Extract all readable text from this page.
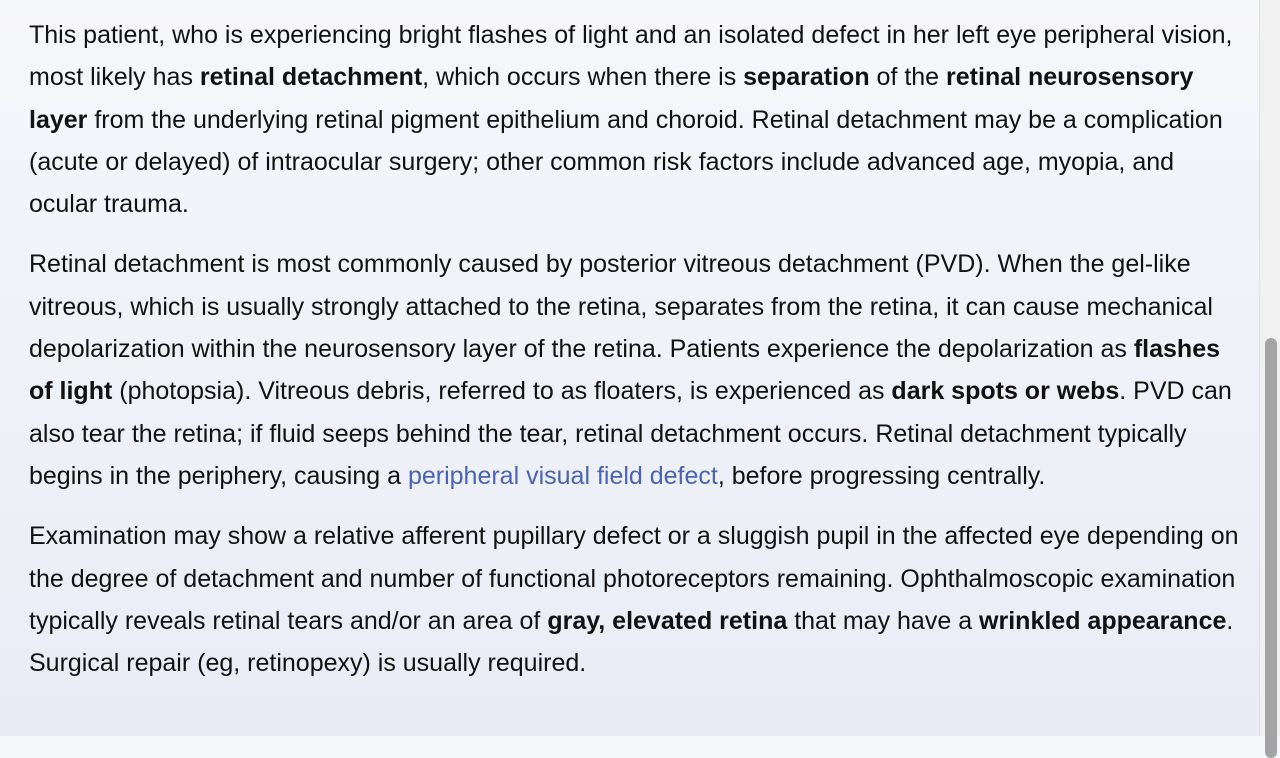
This patient, who is experiencing bright flashes of light and an isolated defect in her left eye peripheral vision, most likely has retinal detachment, which occurs when there is separation of the retinal neurosensory layer from the underlying retinal pigment epithelium and choroid. Retinal detachment may be a complication (acute or delayed) of intraocular surgery; other common risk factors include advanced age, myopia, and ocular trauma.

Retinal detachment is most commonly caused by posterior vitreous detachment (PVD). When the gel-like vitreous, which is usually strongly attached to the retina, separates from the retina, it can cause mechanical depolarization within the neurosensory layer of the retina. Patients experience the depolarization as flashes of light (photopsia). Vitreous debris, referred to as floaters, is experienced as dark spots or webs. PVD can also tear the retina; if fluid seeps behind the tear, retinal detachment occurs. Retinal detachment typically begins in the periphery, causing a peripheral visual field defect, before progressing centrally.

Examination may show a relative afferent pupillary defect or a sluggish pupil in the affected eye depending on the degree of detachment and number of functional photoreceptors remaining. Ophthalmoscopic examination typically reveals retinal tears and/or an area of gray, elevated retina that may have a wrinkled appearance. Surgical repair (eg, retinopexy) is usually required.
